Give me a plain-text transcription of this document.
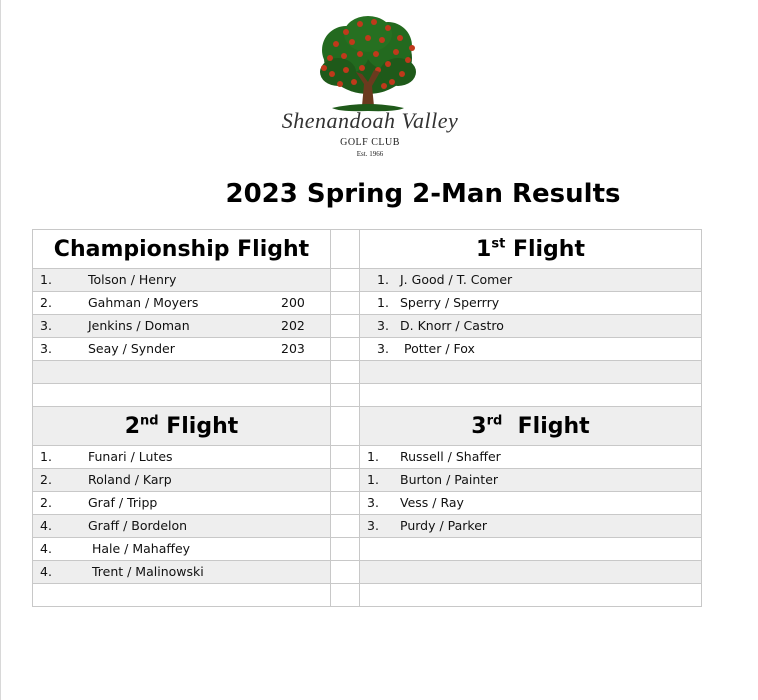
Shenandoah Valley
GOLF CLUB
Est. 1966
2023 Spring 2-Man Results
Championship Flight		1st Flight

1. Tolson / Henry		1. J. Good / T. Comer

2. Gahman / Moyers 200		1. Sperry / Sperrry

3. Jenkins / Doman 202		3. D. Knorr / Castro

3. Seay / Synder 203		3. Potter / Fox

2nd Flight		3rd  Flight

1. Funari / Lutes		1. Russell / Shaffer

2. Roland / Karp		1. Burton / Painter

2. Graf / Tripp		3. Vess / Ray

4. Graff / Bordelon		3. Purdy / Parker

4. Hale / Mahaffey		

4. Trent / Malinowski		
